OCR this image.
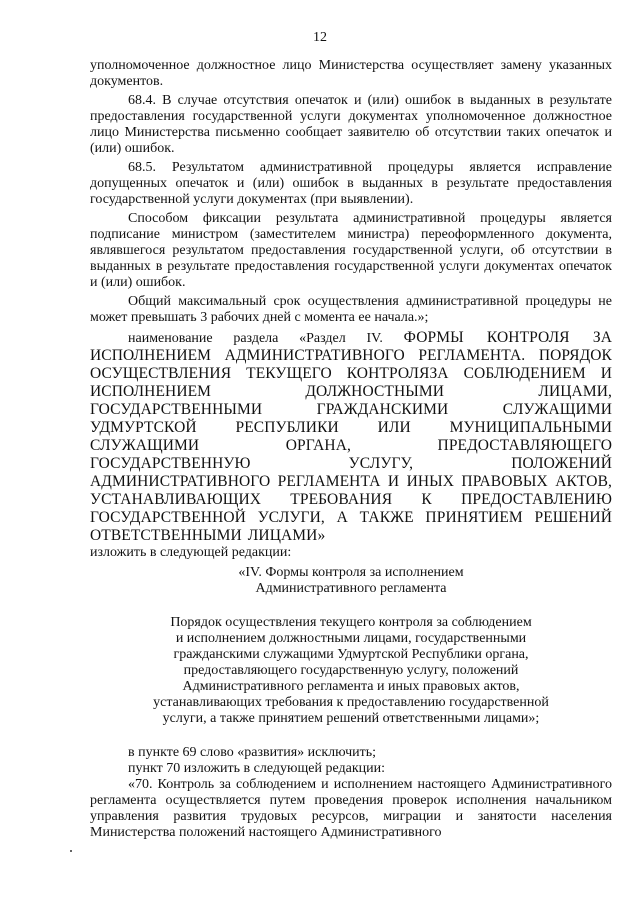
12

уполномоченное должностное лицо Министерства осуществляет замену указанных документов.

68.4. В случае отсутствия опечаток и (или) ошибок в выданных в результате предоставления государственной услуги документах уполномоченное должностное лицо Министерства письменно сообщает заявителю об отсутствии таких опечаток и (или) ошибок.

68.5. Результатом административной процедуры является исправление допущенных опечаток и (или) ошибок в выданных в результате предоставления государственной услуги документах (при выявлении).

Способом фиксации результата административной процедуры является подписание министром (заместителем министра) переоформленного документа, являвшегося результатом предоставления государственной услуги, об отсутствии в выданных в результате предоставления государственной услуги документах опечаток и (или) ошибок.

Общий максимальный срок осуществления административной процедуры не может превышать 3 рабочих дней с момента ее начала.»;

наименование раздела «Раздел IV. ФОРМЫ КОНТРОЛЯ ЗА ИСПОЛНЕНИЕМ АДМИНИСТРАТИВНОГО РЕГЛАМЕНТА. ПОРЯДОК ОСУЩЕСТВЛЕНИЯ ТЕКУЩЕГО КОНТРОЛЯЗА СОБЛЮДЕНИЕМ И ИСПОЛНЕНИЕМ ДОЛЖНОСТНЫМИ ЛИЦАМИ, ГОСУДАРСТВЕННЫМИ ГРАЖДАНСКИМИ СЛУЖАЩИМИ УДМУРТСКОЙ РЕСПУБЛИКИ ИЛИ МУНИЦИПАЛЬНЫМИ СЛУЖАЩИМИ ОРГАНА, ПРЕДОСТАВЛЯЮЩЕГО ГОСУДАРСТВЕННУЮ УСЛУГУ, ПОЛОЖЕНИЙ АДМИНИСТРАТИВНОГО РЕГЛАМЕНТА И ИНЫХ ПРАВОВЫХ АКТОВ, УСТАНАВЛИВАЮЩИХ ТРЕБОВАНИЯ К ПРЕДОСТАВЛЕНИЮ ГОСУДАРСТВЕННОЙ УСЛУГИ, А ТАКЖЕ ПРИНЯТИЕМ РЕШЕНИЙ ОТВЕТСТВЕННЫМИ ЛИЦАМИ»

изложить в следующей редакции:

«IV. Формы контроля за исполнением

Административного регламента

Порядок осуществления текущего контроля за соблюдением

и исполнением должностными лицами, государственными

гражданскими служащими Удмуртской Республики органа,

предоставляющего государственную услугу, положений

Административного регламента и иных правовых актов,

устанавливающих требования к предоставлению государственной

услуги, а также принятием решений ответственными лицами»;

в пункте 69 слово «развития» исключить;

пункт 70 изложить в следующей редакции:

«70. Контроль за соблюдением и исполнением настоящего Административного регламента осуществляется путем проведения проверок исполнения начальником управления развития трудовых ресурсов, миграции и занятости населения Министерства положений настоящего Административного
